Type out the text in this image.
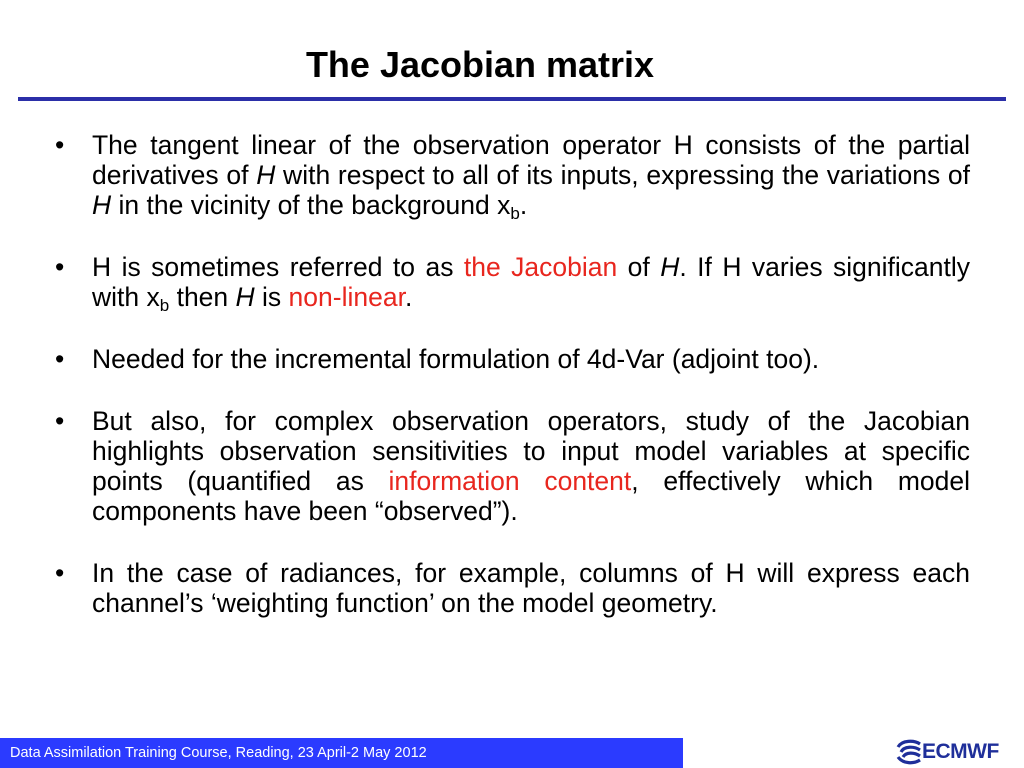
The Jacobian matrix
• The tangent linear of the observation operator H consists of the partial derivatives of H with respect to all of its inputs, expressing the variations of H in the vicinity of the background $x_b$.
• H is sometimes referred to as the Jacobian of H. If H varies significantly with $x_b$ then H is non-linear.
• Needed for the incremental formulation of 4d-Var (adjoint too).
• But also, for complex observation operators, study of the Jacobian highlights observation sensitivities to input model variables at specific points (quantified as information content, effectively which model components have been “observed”).
• In the case of radiances, for example, columns of H will express each channel’s ‘weighting function’ on the model geometry.
Data Assimilation Training Course, Reading, 23 April-2 May 2012	ECMWF
